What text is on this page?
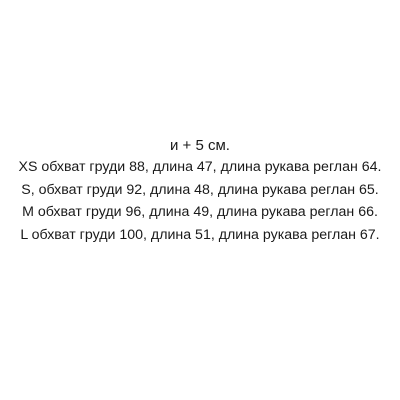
и + 5 см.
XS обхват груди 88, длина 47, длина рукава реглан 64.
S, обхват груди 92, длина 48, длина рукава реглан 65.
M обхват груди 96, длина 49, длина рукава реглан 66.
L обхват груди 100, длина 51, длина рукава реглан 67.
